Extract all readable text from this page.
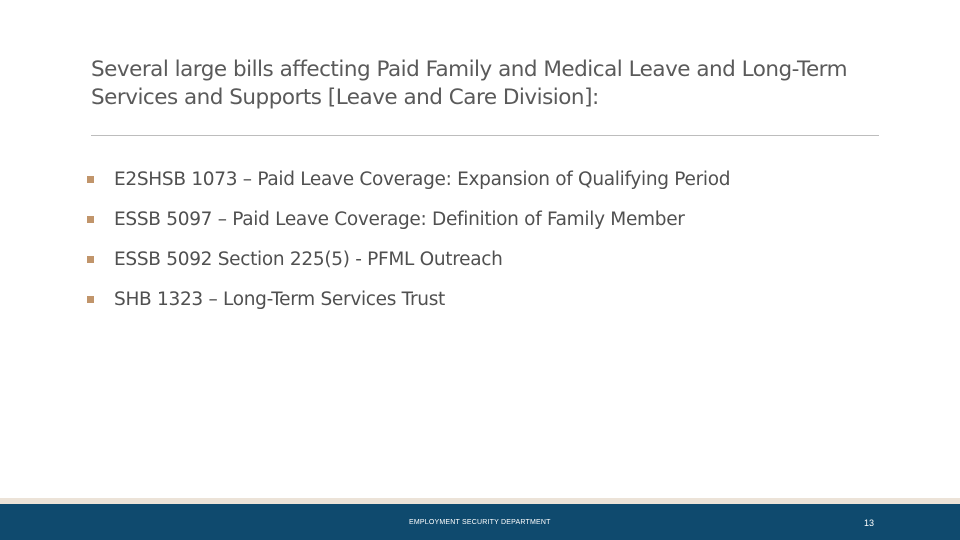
Several large bills affecting Paid Family and Medical Leave and Long-Term Services and Supports [Leave and Care Division]:
E2SHSB 1073 – Paid Leave Coverage: Expansion of Qualifying Period
ESSB 5097 – Paid Leave Coverage: Definition of Family Member
ESSB 5092 Section 225(5) - PFML Outreach
SHB 1323 – Long-Term Services Trust
EMPLOYMENT SECURITY DEPARTMENT	13
